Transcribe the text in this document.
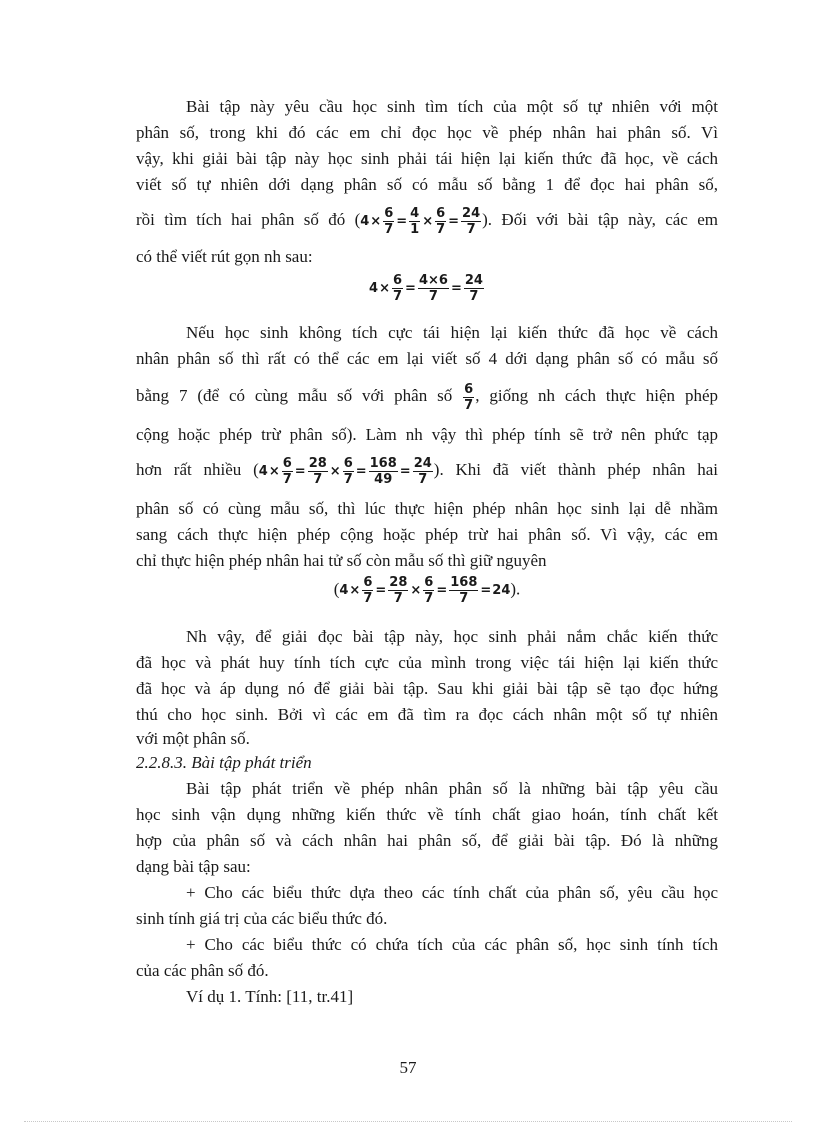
Bài tập này yêu cầu học sinh tìm tích của một số tự nhiên với một
phân số, trong khi đó các em chỉ đọc học về phép nhân hai phân số. Vì
vậy, khi giải bài tập này học sinh phải tái hiện lại kiến thức đã học, về cách
viết số tự nhiên dới dạng phân số có mẫu số bằng 1 để đọc hai phân số,
rồi tìm tích hai phân số đó ($4\times \frac{6}{7} = \frac{4}{1} \times \frac{6}{7} = \frac{24}{7}$ ). Đối với bài tập này, các em
có thể viết rút gọn nh sau:
$4\times \frac{6}{7} = \frac{4\times 6}{7} = \frac{24}{7}$
Nếu học sinh không tích cực tái hiện lại kiến thức đã học về cách
nhân phân số thì rất có thể các em lại viết số 4 dới dạng phân số có mẫu số
bằng 7 (để có cùng mẫu số với phân số $\frac{6}{7}$ , giống nh cách thực hiện phép
cộng hoặc phép trừ phân số). Làm nh vậy thì phép tính sẽ trở nên phức tạp
hơn rất nhiều ($4\times \frac{6}{7} = \frac{28}{7} \times \frac{6}{7} = \frac{168}{49} = \frac{24}{7}$ ). Khi đã viết thành phép nhân hai
phân số có cùng mẫu số, thì lúc thực hiện phép nhân học sinh lại dễ nhầm
sang cách thực hiện phép cộng hoặc phép trừ hai phân số. Vì vậy, các em
chỉ thực hiện phép nhân hai tử số còn mẫu số thì giữ nguyên
$(4\times \frac{6}{7} = \frac{28}{7} \times \frac{6}{7} = \frac{168}{7} =24)$.
Nh vậy, để giải đọc bài tập này, học sinh phải nắm chắc kiến thức
đã học và phát huy tính tích cực của mình trong việc tái hiện lại kiến thức
đã học và áp dụng nó để giải bài tập. Sau khi giải bài tập sẽ tạo đọc hứng
thú cho học sinh. Bởi vì các em đã tìm ra đọc cách nhân một số tự nhiên
với một phân số.
2.2.8.3. Bài tập phát triển
Bài tập phát triển về phép nhân phân số là những bài tập yêu cầu
học sinh vận dụng những kiến thức về tính chất giao hoán, tính chất kết
hợp của phân số và cách nhân hai phân số, để giải bài tập. Đó là những
dạng bài tập sau:
+ Cho các biểu thức dựa theo các tính chất của phân số, yêu cầu học
sinh tính giá trị của các biểu thức đó.
+ Cho các biểu thức có chứa tích của các phân số, học sinh tính tích
của các phân số đó.
Ví dụ 1. Tính: [11, tr.41]
57
